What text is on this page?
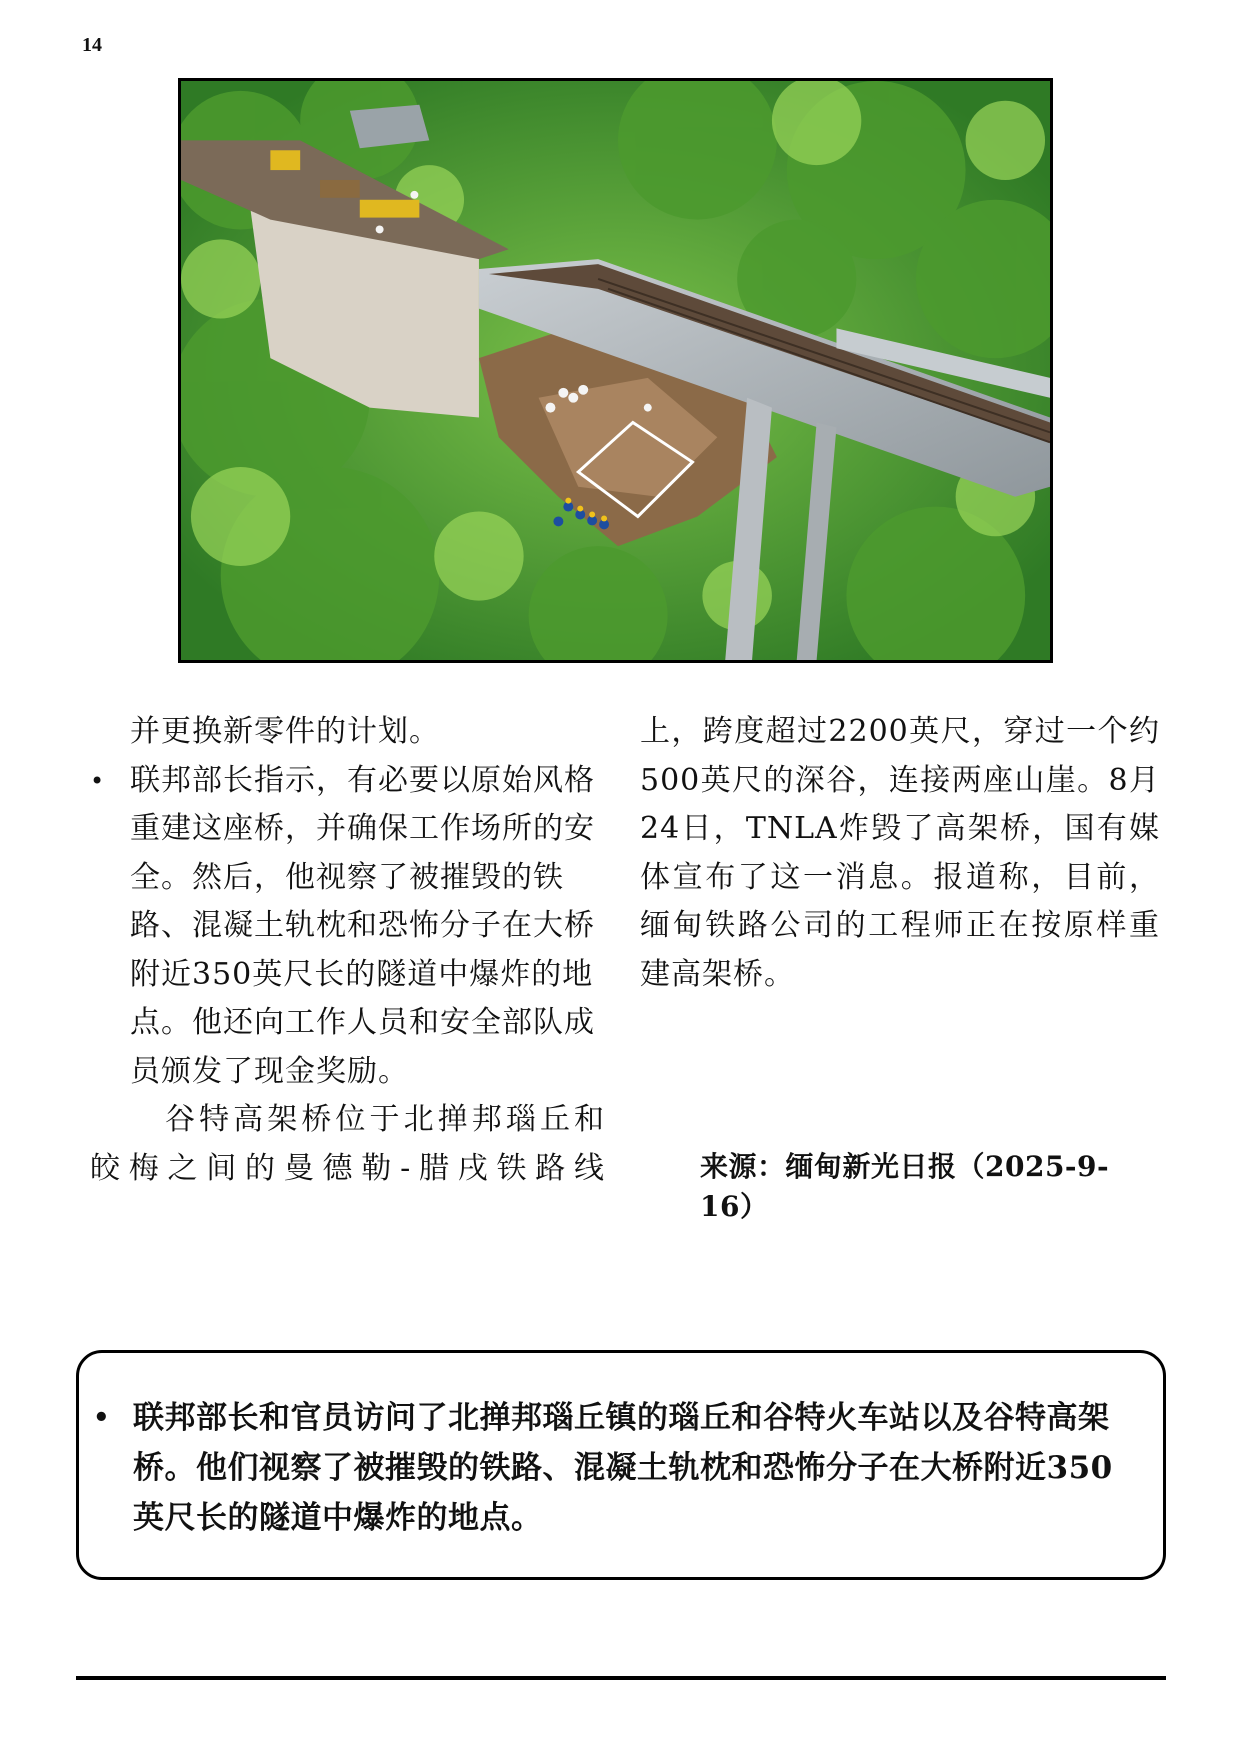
14

并更换新零件的计划。

• 联邦部长指示，有必要以原始风格重建这座桥，并确保工作场所的安全。然后，他视察了被摧毁的铁路、混凝土轨枕和恐怖分子在大桥附近350英尺长的隧道中爆炸的地点。他还向工作人员和安全部队成员颁发了现金奖励。

谷特高架桥位于北掸邦瑙丘和

皎梅之间的曼德勒-腊戌铁路线

上，跨度超过2200英尺，穿过一个约500英尺的深谷，连接两座山崖。8月24日，TNLA炸毁了高架桥，国有媒体宣布了这一消息。报道称，目前，缅甸铁路公司的工程师正在按原样重建高架桥。

来源：缅甸新光日报（2025-9-16）
• 联邦部长和官员访问了北掸邦瑙丘镇的瑙丘和谷特火车站以及谷特高架桥。他们视察了被摧毁的铁路、混凝土轨枕和恐怖分子在大桥附近350英尺长的隧道中爆炸的地点。
